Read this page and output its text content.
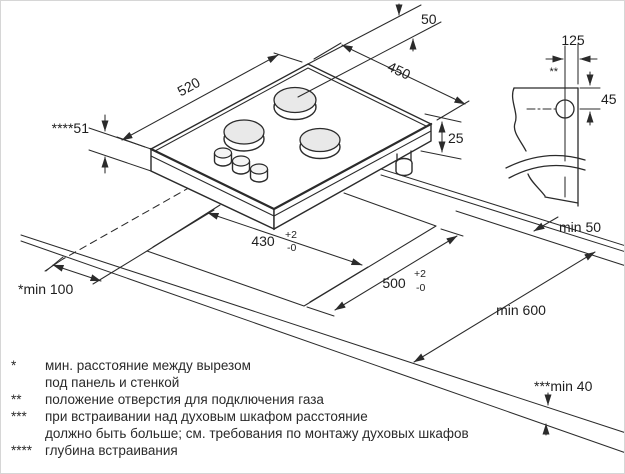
430 +2
-0
500
+2
-0
min 600
*min 100
***min 40
min 50
520
450
50
****51
25
125
**
45
* мин. расстояние между вырезом
под панель и стенкой
** положение отверстия для подключения газа
*** при встраивании над духовым шкафом расстояние
должно быть больше; см. требования по монтажу духовых шкафов
**** глубина встраивания
